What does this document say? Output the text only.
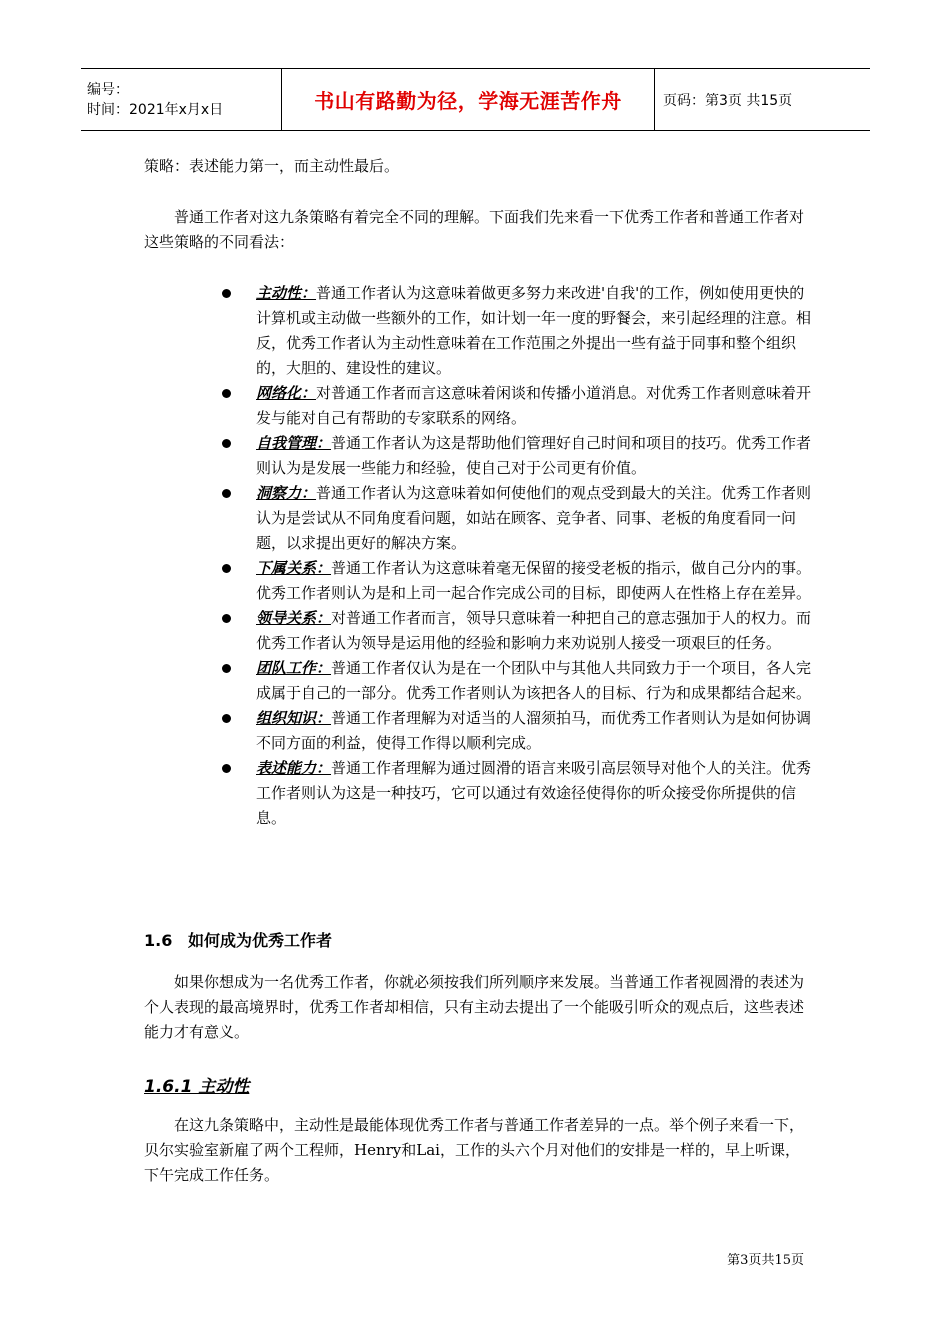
编号：
时间：2021年x月x日	书山有路勤为径，学海无涯苦作舟	页码：第3页 共15页
策略：表述能力第一，而主动性最后。
普通工作者对这九条策略有着完全不同的理解。下面我们先来看一下优秀工作者和普通工作者对这些策略的不同看法：
主动性：普通工作者认为这意味着做更多努力来改进'自我'的工作，例如使用更快的计算机或主动做一些额外的工作，如计划一年一度的野餐会，来引起经理的注意。相反，优秀工作者认为主动性意味着在工作范围之外提出一些有益于同事和整个组织的，大胆的、建设性的建议。
网络化：对普通工作者而言这意味着闲谈和传播小道消息。对优秀工作者则意味着开发与能对自己有帮助的专家联系的网络。
自我管理：普通工作者认为这是帮助他们管理好自己时间和项目的技巧。优秀工作者则认为是发展一些能力和经验，使自己对于公司更有价值。
洞察力：普通工作者认为这意味着如何使他们的观点受到最大的关注。优秀工作者则认为是尝试从不同角度看问题，如站在顾客、竞争者、同事、老板的角度看同一问题，以求提出更好的解决方案。
下属关系：普通工作者认为这意味着毫无保留的接受老板的指示，做自己分内的事。优秀工作者则认为是和上司一起合作完成公司的目标，即使两人在性格上存在差异。
领导关系：对普通工作者而言，领导只意味着一种把自己的意志强加于人的权力。而优秀工作者认为领导是运用他的经验和影响力来劝说别人接受一项艰巨的任务。
团队工作：普通工作者仅认为是在一个团队中与其他人共同致力于一个项目，各人完成属于自己的一部分。优秀工作者则认为该把各人的目标、行为和成果都结合起来。
组织知识：普通工作者理解为对适当的人溜须拍马，而优秀工作者则认为是如何协调不同方面的利益，使得工作得以顺利完成。
表述能力：普通工作者理解为通过圆滑的语言来吸引高层领导对他个人的关注。优秀工作者则认为这是一种技巧，它可以通过有效途径使得你的听众接受你所提供的信息。
1.6 如何成为优秀工作者
如果你想成为一名优秀工作者，你就必须按我们所列顺序来发展。当普通工作者视圆滑的表述为个人表现的最高境界时，优秀工作者却相信，只有主动去提出了一个能吸引听众的观点后，这些表述能力才有意义。
1.6.1 主动性
在这九条策略中，主动性是最能体现优秀工作者与普通工作者差异的一点。举个例子来看一下，贝尔实验室新雇了两个工程师，Henry和Lai，工作的头六个月对他们的安排是一样的，早上听课，下午完成工作任务。
第3页共15页
